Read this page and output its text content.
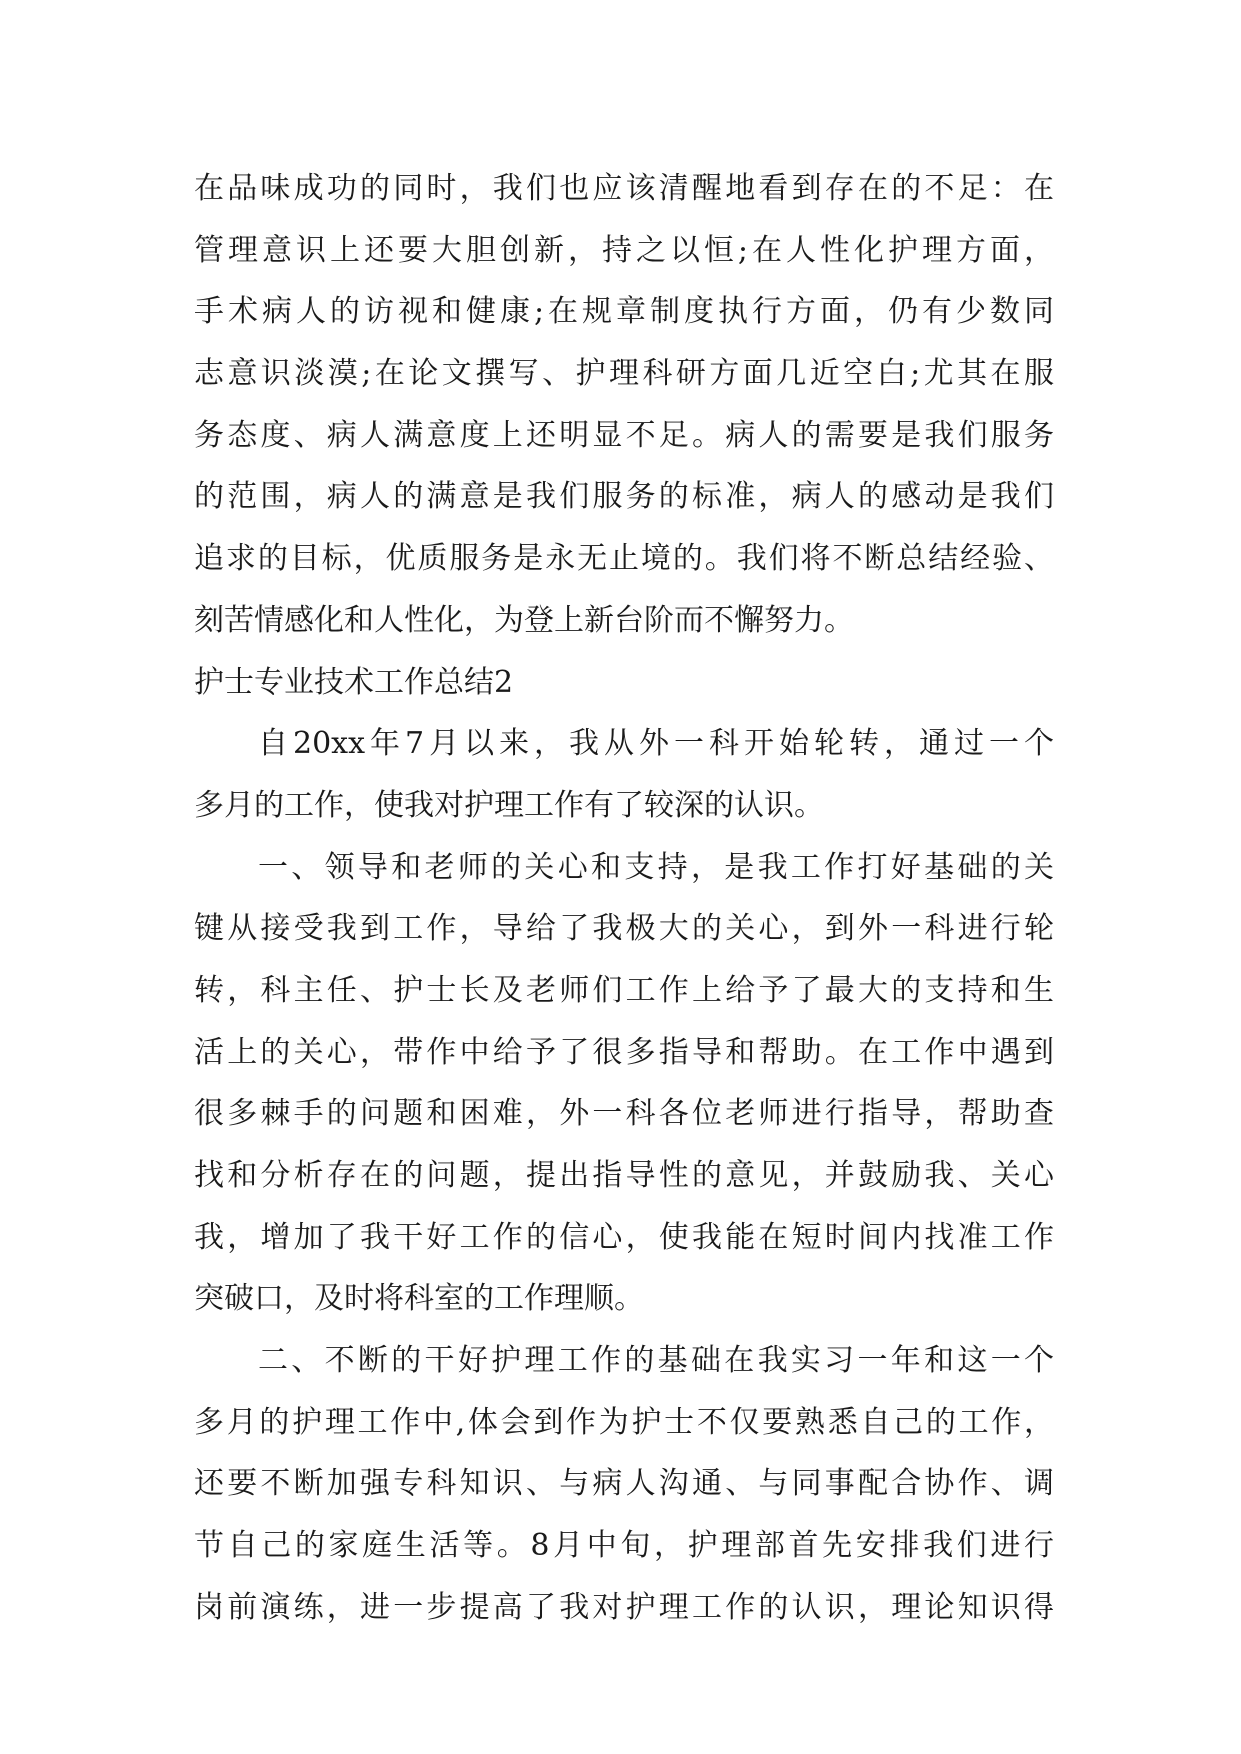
在品味成功的同时，我们也应该清醒地看到存在的不足：在
管理意识上还要大胆创新，持之以恒;在人性化护理方面，
手术病人的访视和健康;在规章制度执行方面，仍有少数同
志意识淡漠;在论文撰写、护理科研方面几近空白;尤其在服
务态度、病人满意度上还明显不足。病人的需要是我们服务
的范围，病人的满意是我们服务的标准，病人的感动是我们
追求的目标，优质服务是永无止境的。我们将不断总结经验、
刻苦情感化和人性化，为登上新台阶而不懈努力。
护士专业技术工作总结2
自20xx年7月以来，我从外一科开始轮转，通过一个
多月的工作，使我对护理工作有了较深的认识。
一、领导和老师的关心和支持，是我工作打好基础的关
键从接受我到工作，导给了我极大的关心，到外一科进行轮
转，科主任、护士长及老师们工作上给予了最大的支持和生
活上的关心，带作中给予了很多指导和帮助。在工作中遇到
很多棘手的问题和困难，外一科各位老师进行指导，帮助查
找和分析存在的问题，提出指导性的意见，并鼓励我、关心
我，增加了我干好工作的信心，使我能在短时间内找准工作
突破口，及时将科室的工作理顺。
二、不断的干好护理工作的基础在我实习一年和这一个
多月的护理工作中,体会到作为护士不仅要熟悉自己的工作，
还要不断加强专科知识、与病人沟通、与同事配合协作、调
节自己的家庭生活等。8月中旬，护理部首先安排我们进行
岗前演练，进一步提高了我对护理工作的认识，理论知识得
